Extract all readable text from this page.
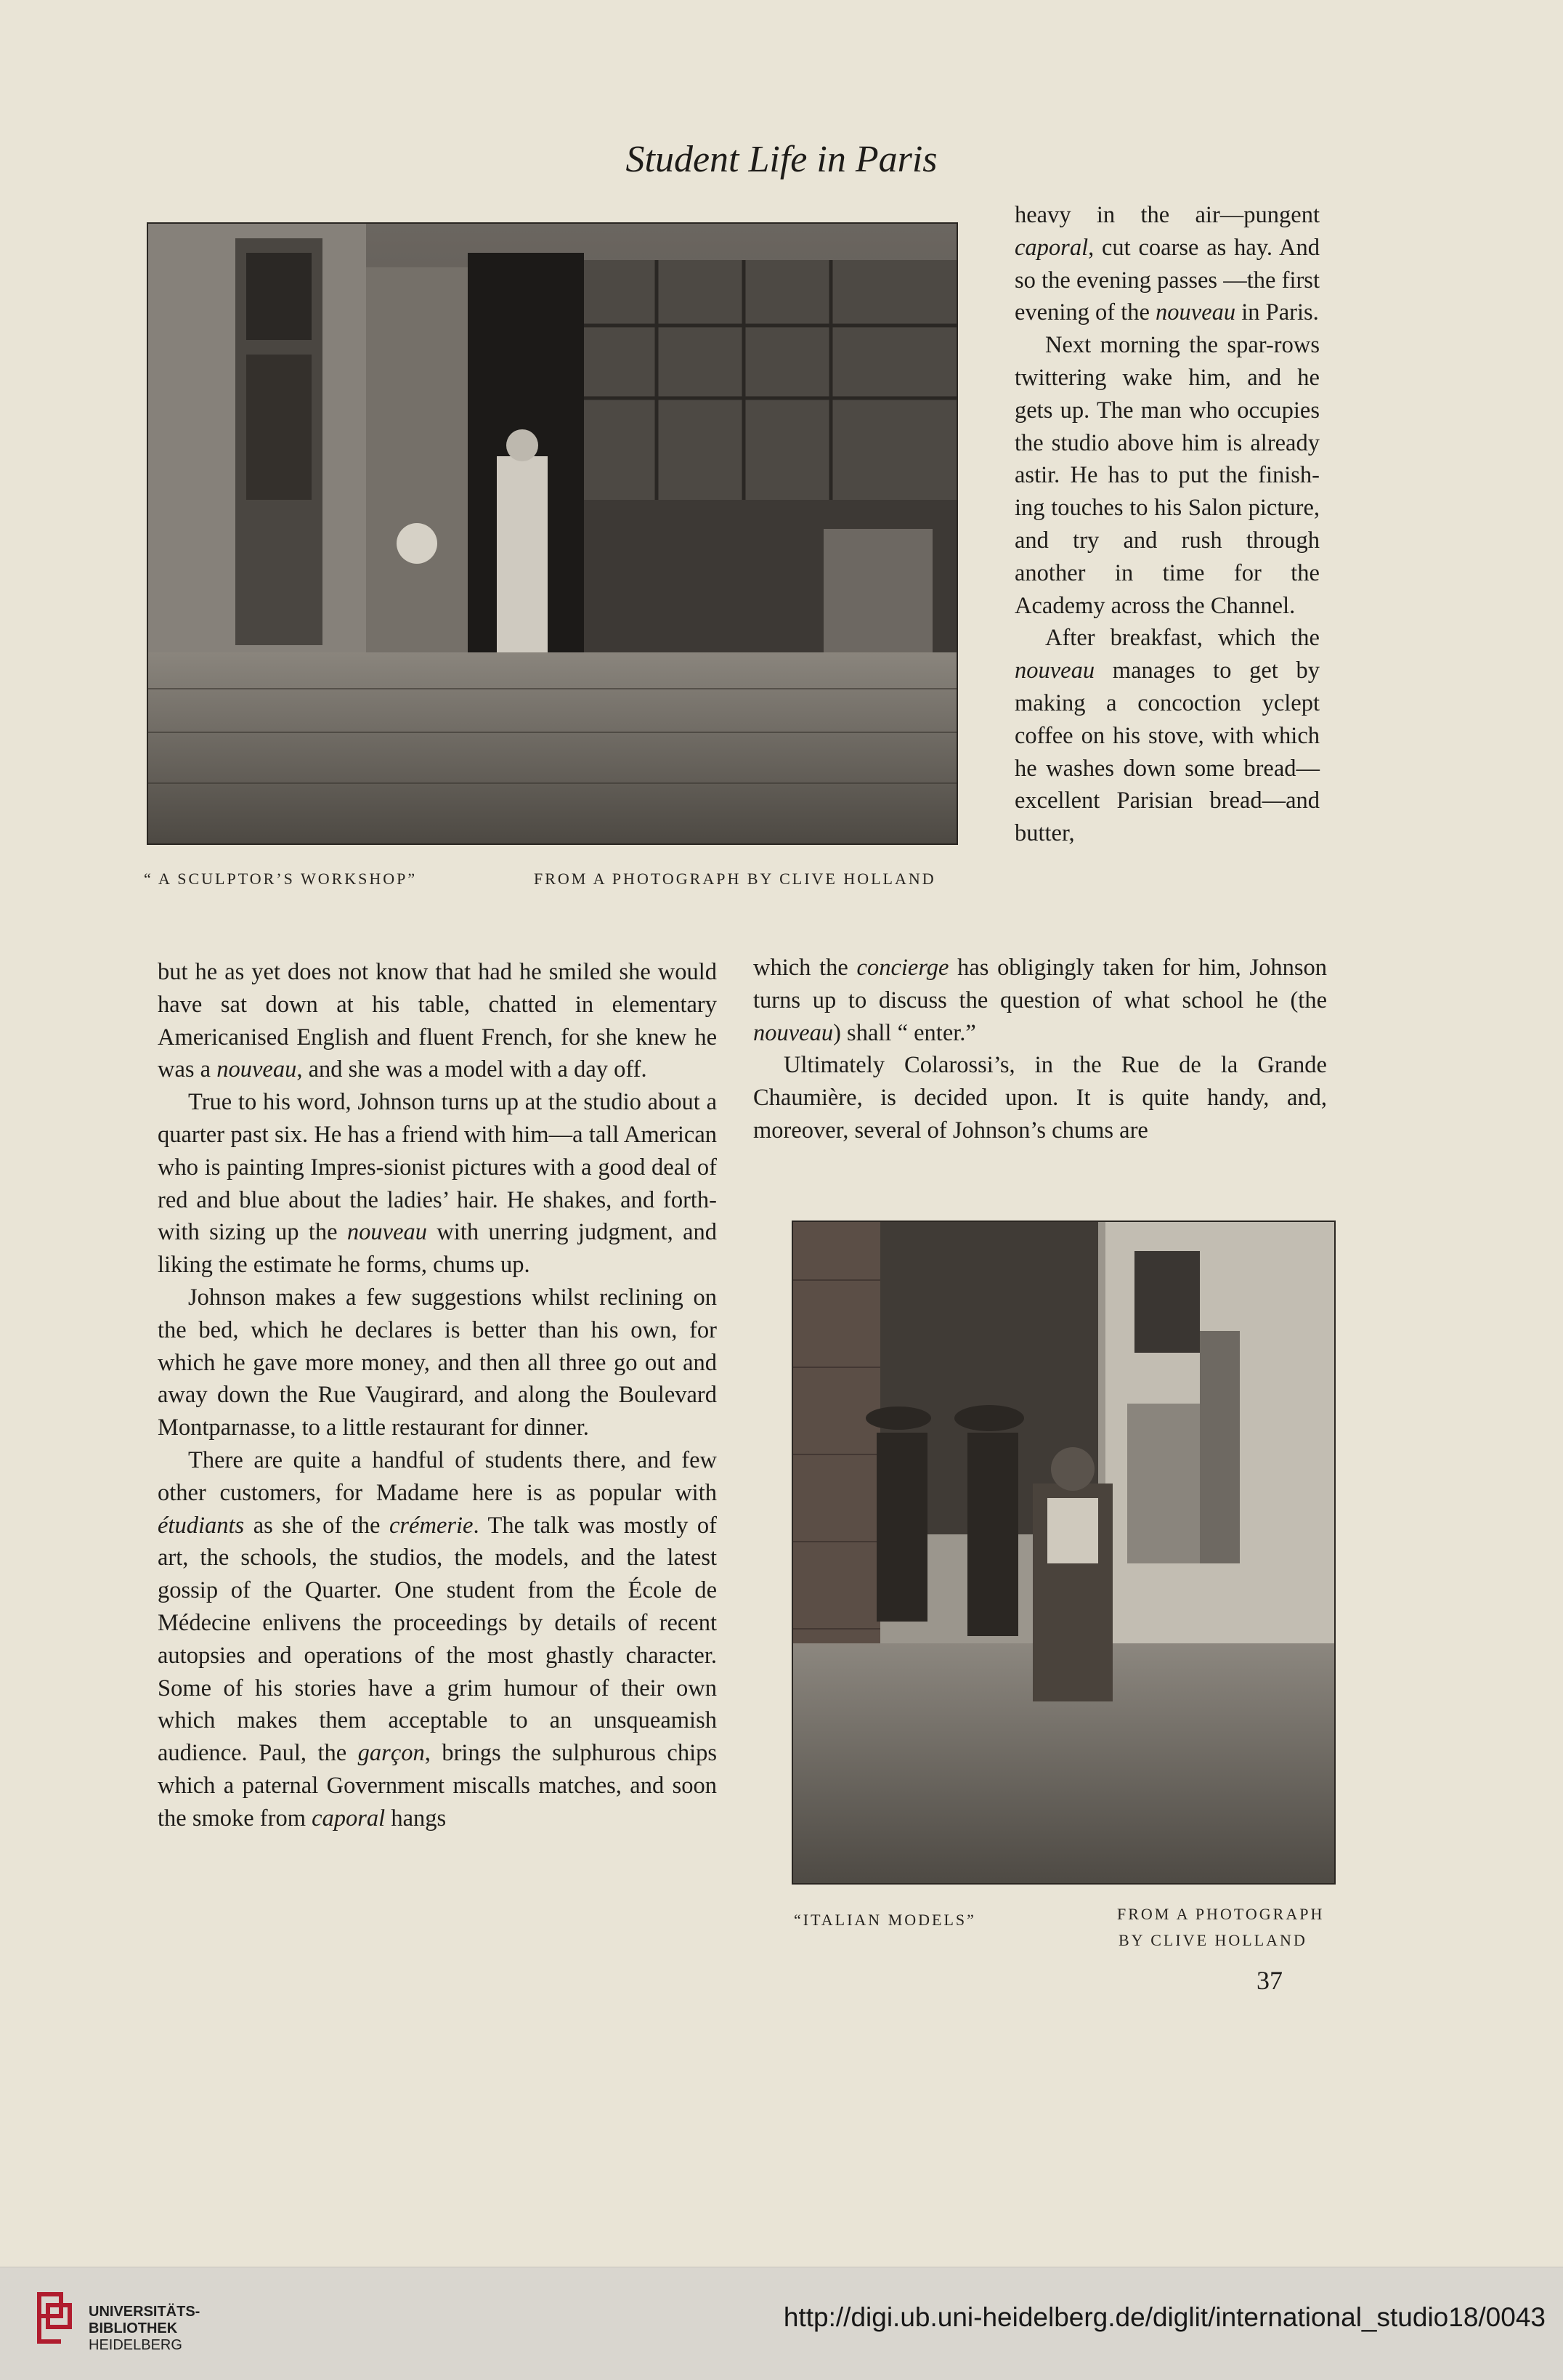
Student Life in Paris
“ A SCULPTOR’S WORKSHOP”	FROM A PHOTOGRAPH BY CLIVE HOLLAND

heavy in the air—pungent caporal, cut coarse as hay. And so the evening passes —the first evening of the nouveau in Paris.

Next morning the spar-rows twittering wake him, and he gets up. The man who occupies the studio above him is already astir. He has to put the finish-ing touches to his Salon picture, and try and rush through another in time for the Academy across the Channel.

After breakfast, which the nouveau manages to get by making a concoction yclept coffee on his stove, with which he washes down some bread—excellent Parisian bread—and butter,

which the concierge has obligingly taken for him, Johnson turns up to discuss the question of what school he (the nouveau) shall “ enter.”

Ultimately Colarossi’s, in the Rue de la Grande Chaumière, is decided upon. It is quite handy, and, moreover, several of Johnson’s chums are

but he as yet does not know that had he smiled she would have sat down at his table, chatted in elementary Americanised English and fluent French, for she knew he was a nouveau, and she was a model with a day off.

True to his word, Johnson turns up at the studio about a quarter past six. He has a friend with him—a tall American who is painting Impres-sionist pictures with a good deal of red and blue about the ladies’ hair. He shakes, and forth-with sizing up the nouveau with unerring judgment, and liking the estimate he forms, chums up.

Johnson makes a few suggestions whilst reclining on the bed, which he declares is better than his own, for which he gave more money, and then all three go out and away down the Rue Vaugirard, and along the Boulevard Montparnasse, to a little restaurant for dinner.

There are quite a handful of students there, and few other customers, for Madame here is as popular with étudiants as she of the crémerie. The talk was mostly of art, the schools, the studios, the models, and the latest gossip of the Quarter. One student from the École de Médecine enlivens the proceedings by details of recent autopsies and operations of the most ghastly character. Some of his stories have a grim humour of their own which makes them acceptable to an unsqueamish audience. Paul, the garçon, brings the sulphurous chips which a paternal Government miscalls matches, and soon the smoke from caporal hangs

“ITALIAN MODELS”	FROM A PHOTOGRAPH
BY CLIVE HOLLAND
37
UNIVERSITÄTS-
BIBLIOTHEK
HEIDELBERG
http://digi.ub.uni-heidelberg.de/diglit/international_studio18/0043
